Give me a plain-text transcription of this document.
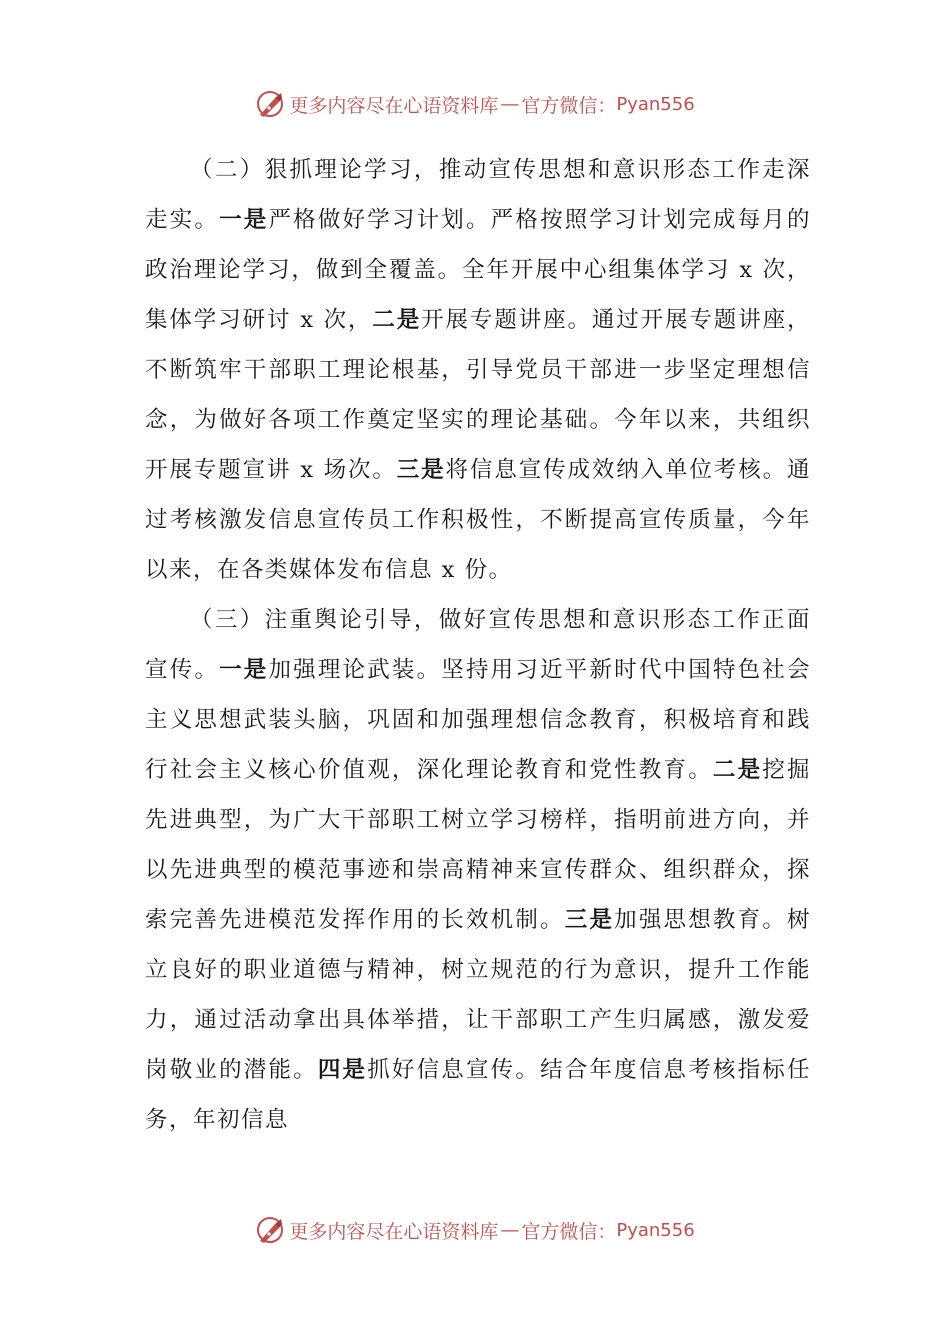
更多内容尽在心语资料库 — 官方微信： Pyan556

（二）狠抓理论学习，推动宣传思想和意识形态工作走深走实。一是严格做好学习计划。严格按照学习计划完成每月的政治理论学习，做到全覆盖。全年开展中心组集体学习 x 次，集体学习研讨 x 次，二是开展专题讲座。通过开展专题讲座，不断筑牢干部职工理论根基，引导党员干部进一步坚定理想信念，为做好各项工作奠定坚实的理论基础。今年以来，共组织开展专题宣讲 x 场次。三是将信息宣传成效纳入单位考核。通过考核激发信息宣传员工作积极性，不断提高宣传质量，今年以来，在各类媒体发布信息 x 份。

（三）注重舆论引导，做好宣传思想和意识形态工作正面宣传。一是加强理论武装。坚持用习近平新时代中国特色社会主义思想武装头脑，巩固和加强理想信念教育，积极培育和践行社会主义核心价值观，深化理论教育和党性教育。二是挖掘先进典型，为广大干部职工树立学习榜样，指明前进方向，并以先进典型的模范事迹和崇高精神来宣传群众、组织群众，探索完善先进模范发挥作用的长效机制。三是加强思想教育。树立良好的职业道德与精神，树立规范的行为意识，提升工作能力，通过活动拿出具体举措，让干部职工产生归属感，激发爱岗敬业的潜能。四是抓好信息宣传。结合年度信息考核指标任务，年初信息

更多内容尽在心语资料库 — 官方微信： Pyan556
